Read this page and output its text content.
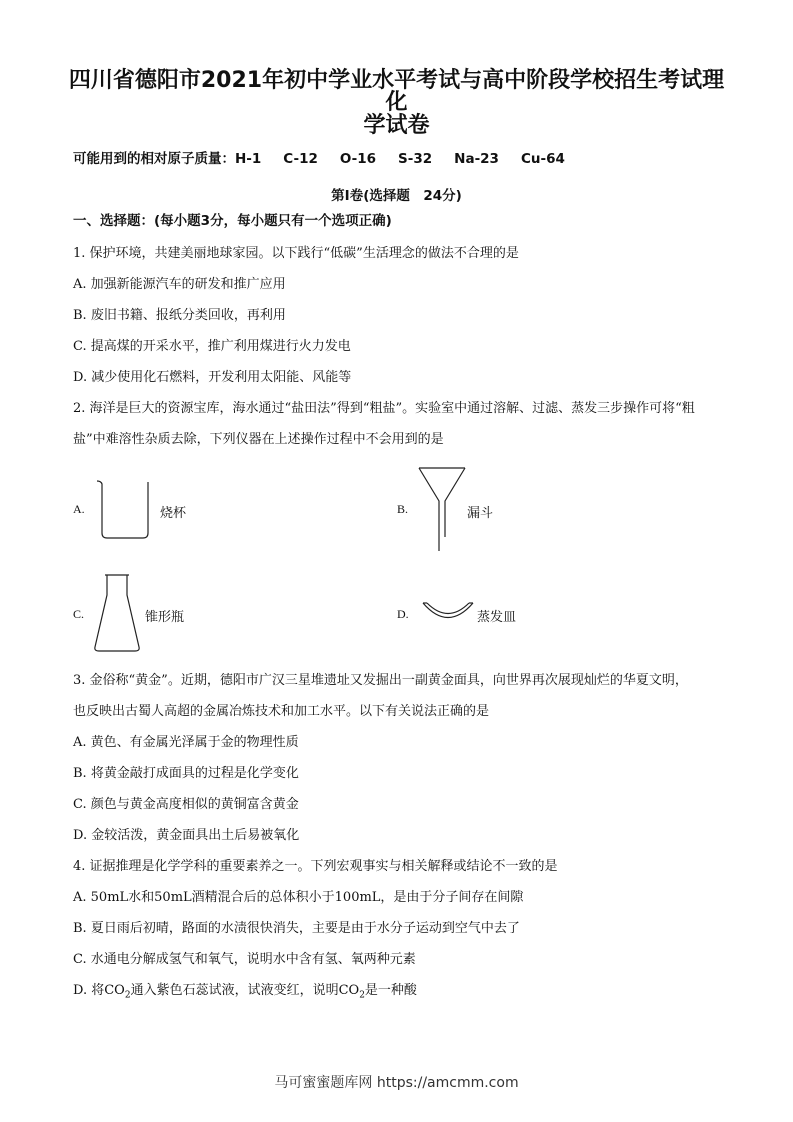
四川省德阳市2021年初中学业水平考试与高中阶段学校招生考试理化
学试卷
可能用到的相对原子质量：H-1 C-12 O-16 S-32 Na-23 Cu-64
第Ⅰ卷(选择题　24分)
一、选择题：(每小题3分，每小题只有一个选项正确)
1. 保护环境，共建美丽地球家园。以下践行“低碳”生活理念的做法不合理的是
A. 加强新能源汽车的研发和推广应用
B. 废旧书籍、报纸分类回收，再利用
C. 提高煤的开采水平，推广利用煤进行火力发电
D. 减少使用化石燃料，开发利用太阳能、风能等
2. 海洋是巨大的资源宝库，海水通过“盐田法”得到“粗盐”。实验室中通过溶解、过滤、蒸发三步操作可将“粗
盐”中难溶性杂质去除，下列仪器在上述操作过程中不会用到的是
A.	烧杯	B.	漏斗
C.	锥形瓶	D.	蒸发皿
3. 金俗称“黄金”。近期，德阳市广汉三星堆遗址又发掘出一副黄金面具，向世界再次展现灿烂的华夏文明，
也反映出古蜀人高超的金属冶炼技术和加工水平。以下有关说法正确的是
A. 黄色、有金属光泽属于金的物理性质
B. 将黄金敲打成面具的过程是化学变化
C. 颜色与黄金高度相似的黄铜富含黄金
D. 金较活泼，黄金面具出土后易被氧化
4. 证据推理是化学学科的重要素养之一。下列宏观事实与相关解释或结论不一致的是
A. 50mL水和50mL酒精混合后的总体积小于100mL，是由于分子间存在间隙
B. 夏日雨后初晴，路面的水渍很快消失，主要是由于水分子运动到空气中去了
C. 水通电分解成氢气和氧气，说明水中含有氢、氧两种元素
D. 将$CO_2$通入紫色石蕊试液，试液变红，说明$CO_2$是一种酸
马可蜜蜜题库网 https://amcmm.com
